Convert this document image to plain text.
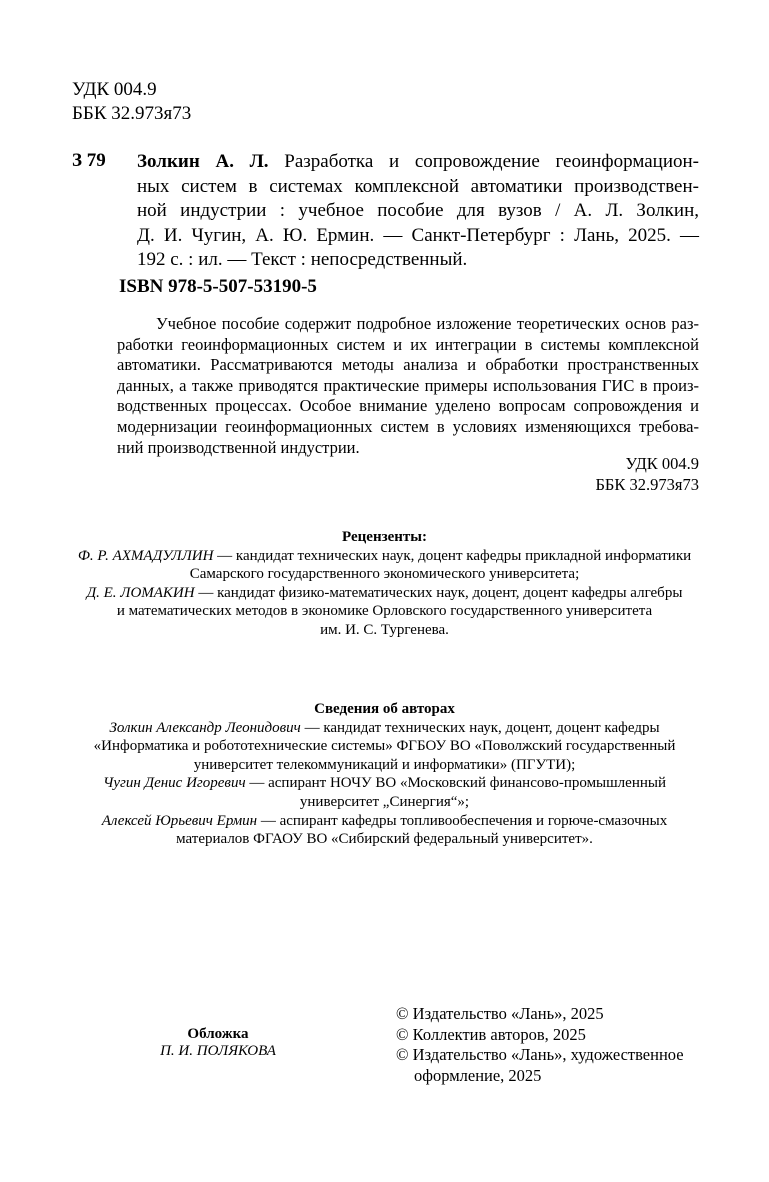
УДК 004.9
ББК 32.973я73
З 79 Золкин А. Л. Разработка и сопровождение геоинформацион-
ных систем в системах комплексной автоматики производствен-
ной индустрии : учебное пособие для вузов / А. Л. Золкин,
Д. И. Чугин, А. Ю. Ермин. — Санкт-Петербург : Лань, 2025. —
192 с. : ил. — Текст : непосредственный.
ISBN 978-5-507-53190-5
Учебное пособие содержит подробное изложение теоретических основ раз-
работки геоинформационных систем и их интеграции в системы комплексной
автоматики. Рассматриваются методы анализа и обработки пространственных
данных, а также приводятся практические примеры использования ГИС в произ-
водственных процессах. Особое внимание уделено вопросам сопровождения и
модернизации геоинформационных систем в условиях изменяющихся требова-
ний производственной индустрии.
УДК 004.9
ББК 32.973я73
Рецензенты:
Ф. Р. АХМАДУЛЛИН — кандидат технических наук, доцент кафедры прикладной информатики
Самарского государственного экономического университета;
Д. Е. ЛОМАКИН — кандидат физико-математических наук, доцент, доцент кафедры алгебры
и математических методов в экономике Орловского государственного университета
им. И. С. Тургенева.
Сведения об авторах
Золкин Александр Леонидович — кандидат технических наук, доцент, доцент кафедры
«Информатика и робототехнические системы» ФГБОУ ВО «Поволжский государственный
университет телекоммуникаций и информатики» (ПГУТИ);
Чугин Денис Игоревич — аспирант НОЧУ ВО «Московский финансово-промышленный
университет „Синергия“»;
Алексей Юрьевич Ермин — аспирант кафедры топливообеспечения и горюче-смазочных
материалов ФГАОУ ВО «Сибирский федеральный университет».
Обложка
П. И. ПОЛЯКОВА
© Издательство «Лань», 2025
© Коллектив авторов, 2025
© Издательство «Лань», художественное
оформление, 2025
